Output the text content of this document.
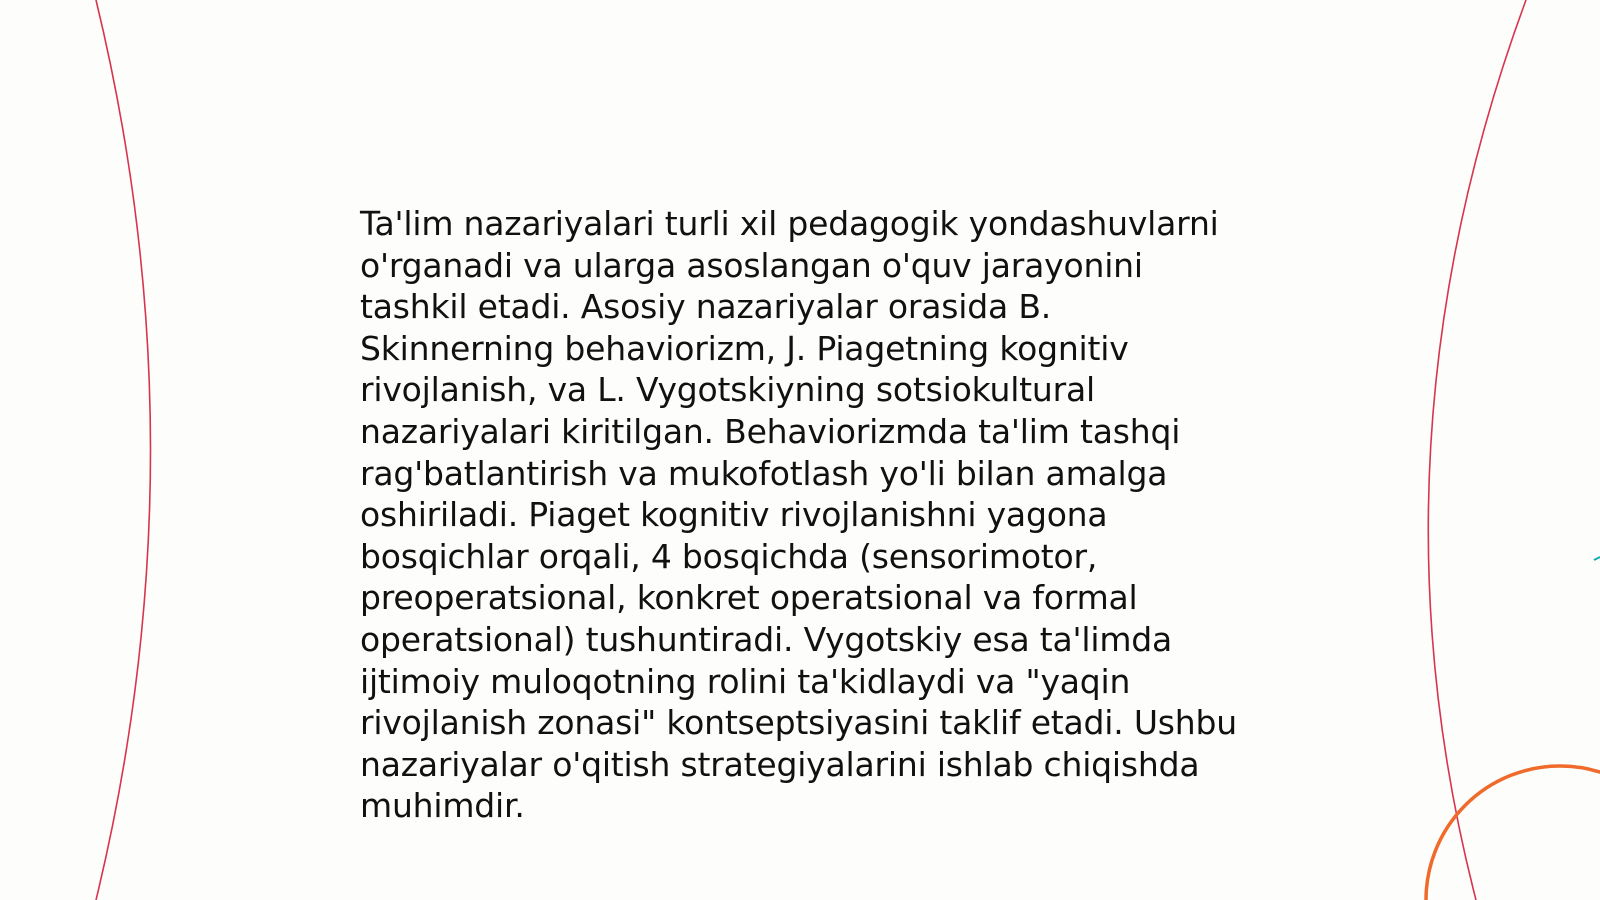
Ta'lim nazariyalari turli xil pedagogik yondashuvlarni o'rganadi va ularga asoslangan o'quv jarayonini tashkil etadi. Asosiy nazariyalar orasida B. Skinnerning behaviorizm, J. Piagetning kognitiv rivojlanish, va L. Vygotskiyning sotsiokultural nazariyalari kiritilgan. Behaviorizmda ta'lim tashqi rag'batlantirish va mukofotlash yo'li bilan amalga oshiriladi. Piaget kognitiv rivojlanishni yagona bosqichlar orqali, 4 bosqichda (sensorimotor, preoperatsional, konkret operatsional va formal operatsional) tushuntiradi. Vygotskiy esa ta'limda ijtimoiy muloqotning rolini ta'kidlaydi va "yaqin rivojlanish zonasi" kontseptsiyasini taklif etadi. Ushbu nazariyalar o'qitish strategiyalarini ishlab chiqishda muhimdir.
